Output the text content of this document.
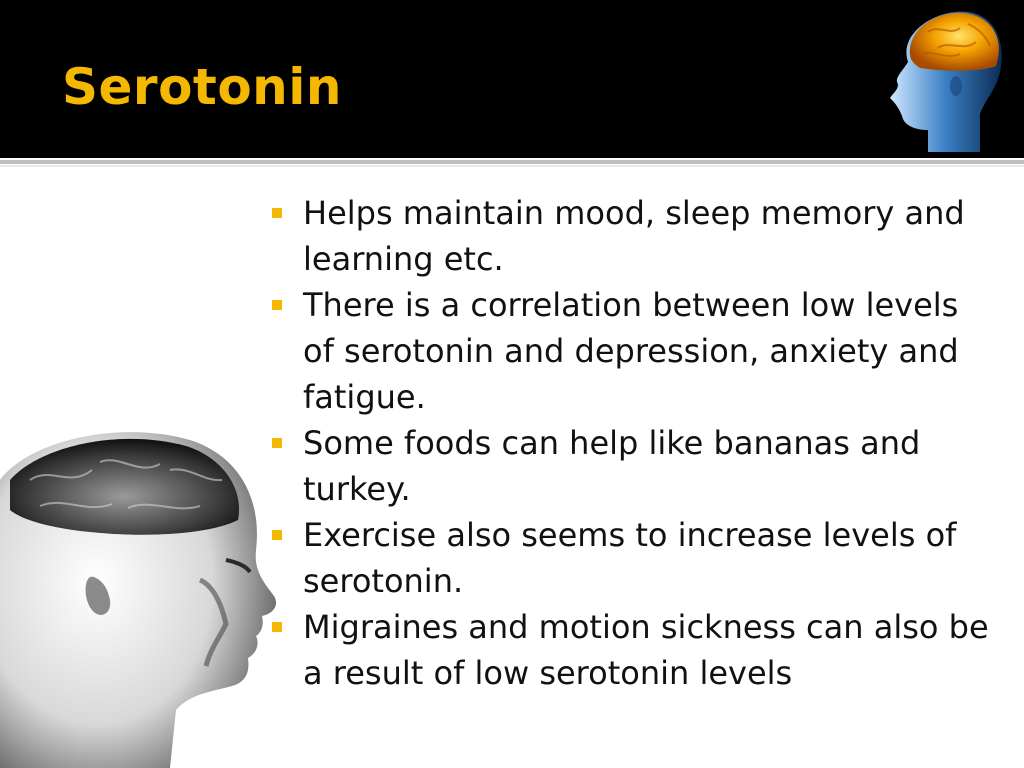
Serotonin
Helps maintain mood, sleep memory and learning etc.
There is a correlation between low levels of serotonin and depression, anxiety and fatigue.
Some foods can help like bananas and turkey.
Exercise also seems to increase levels of serotonin.
Migraines and motion sickness can also be a result of low serotonin levels
